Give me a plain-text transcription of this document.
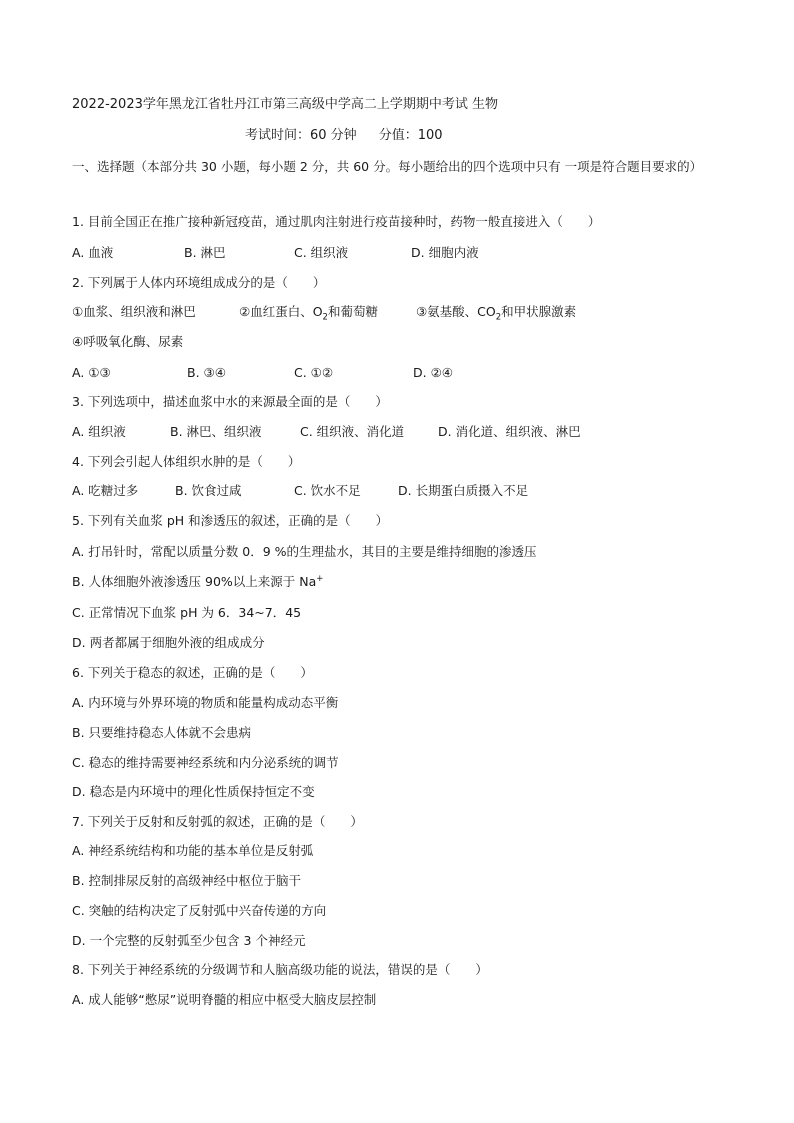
2022-2023学年黑龙江省牡丹江市第三高级中学高二上学期期中考试 生物
考试时间：60 分钟 分值：100
一、选择题（本部分共 30 小题，每小题 2 分，共 60 分。每小题给出的四个选项中只有 一项是符合题目要求的）
1. 目前全国正在推广接种新冠疫苗，通过肌肉注射进行疫苗接种时，药物一般直接进入（　　）
A. 血液	B. 淋巴	C. 组织液	D. 细胞内液
2. 下列属于人体内环境组成成分的是（　　）
①血浆、组织液和淋巴	②血红蛋白、$O_2$和葡萄糖	③氨基酸、$CO_2$和甲状腺激素
④呼吸氧化酶、尿素
A. ①③	B. ③④	C. ①②	D. ②④
3. 下列选项中，描述血浆中水的来源最全面的是（　　）
A. 组织液	B. 淋巴、组织液	C. 组织液、消化道	D. 消化道、组织液、淋巴
4. 下列会引起人体组织水肿的是（　　）
A. 吃糖过多	B. 饮食过咸	C. 饮水不足	D. 长期蛋白质摄入不足
5. 下列有关血浆 pH 和渗透压的叙述，正确的是（　　）
A. 打吊针时，常配以质量分数 0．9 %的生理盐水，其目的主要是维持细胞的渗透压
B. 人体细胞外液渗透压 90%以上来源于 Na+
C. 正常情况下血浆 pH 为 6．34~7．45
D. 两者都属于细胞外液的组成成分
6. 下列关于稳态的叙述，正确的是（　　）
A. 内环境与外界环境的物质和能量构成动态平衡
B. 只要维持稳态人体就不会患病
C. 稳态的维持需要神经系统和内分泌系统的调节
D. 稳态是内环境中的理化性质保持恒定不变
7. 下列关于反射和反射弧的叙述，正确的是（　　）
A. 神经系统结构和功能的基本单位是反射弧
B. 控制排尿反射的高级神经中枢位于脑干
C. 突触的结构决定了反射弧中兴奋传递的方向
D. 一个完整的反射弧至少包含 3 个神经元
8. 下列关于神经系统的分级调节和人脑高级功能的说法，错误的是（　　）
A. 成人能够“憋尿”说明脊髓的相应中枢受大脑皮层控制
